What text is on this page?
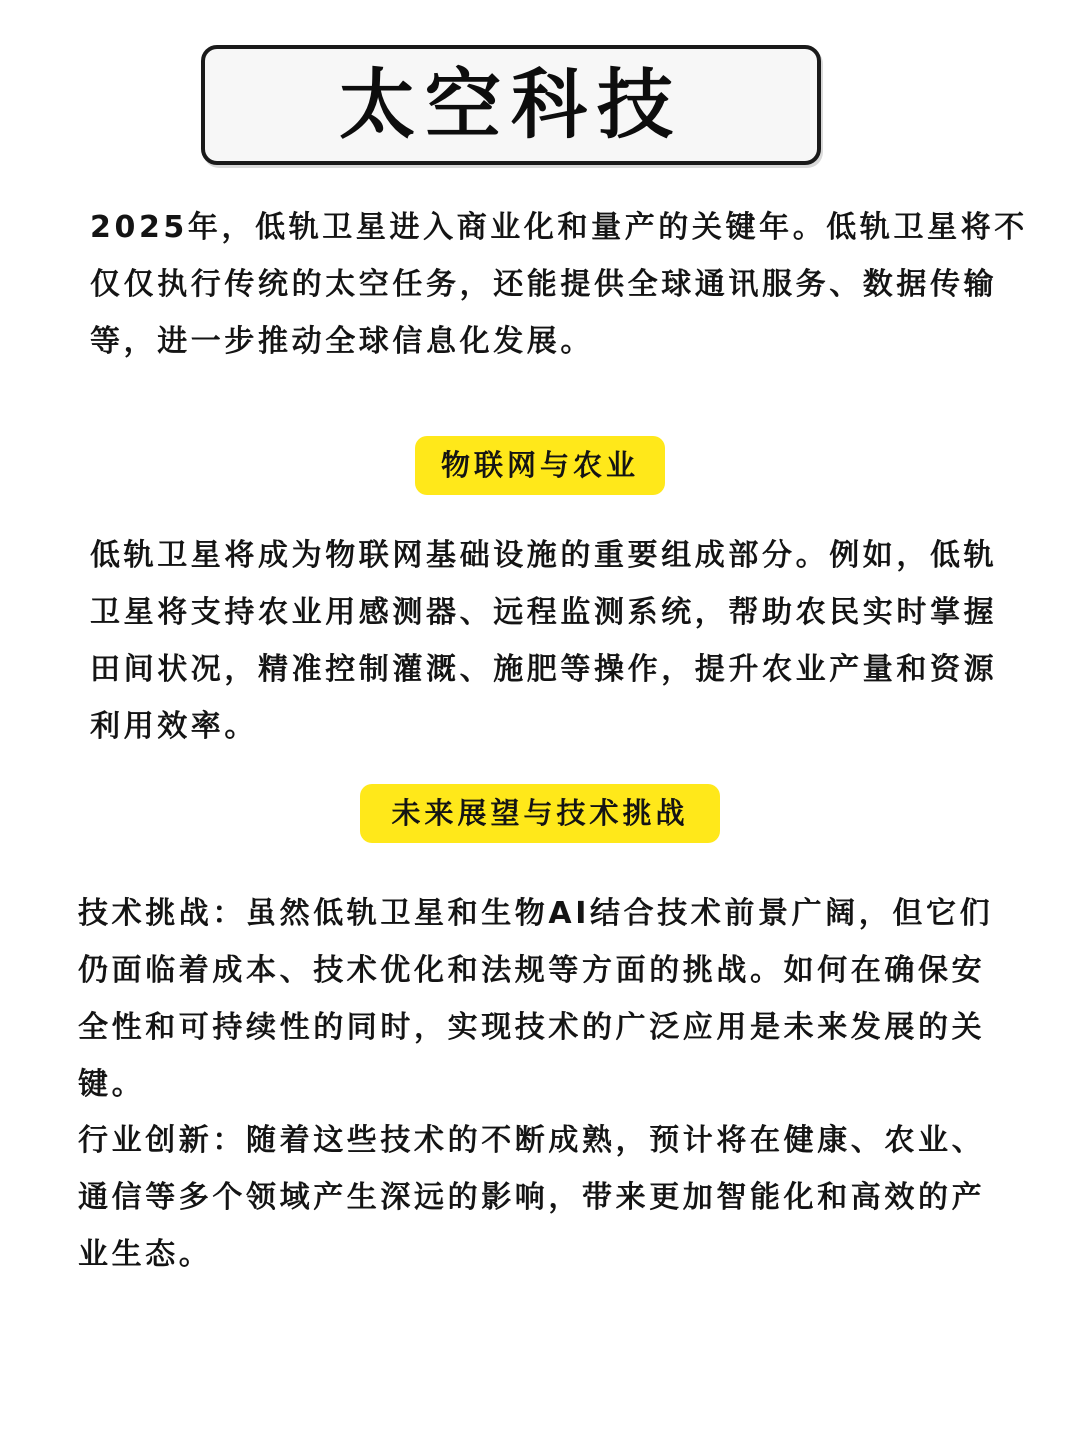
太空科技

2025年，低轨卫星进入商业化和量产的关键年。低轨卫星将不仅仅执行传统的太空任务，还能提供全球通讯服务、数据传输等，进一步推动全球信息化发展。

物联网与农业

低轨卫星将成为物联网基础设施的重要组成部分。例如，低轨卫星将支持农业用感测器、远程监测系统，帮助农民实时掌握田间状况，精准控制灌溉、施肥等操作，提升农业产量和资源利用效率。

未来展望与技术挑战

技术挑战：虽然低轨卫星和生物AI结合技术前景广阔，但它们仍面临着成本、技术优化和法规等方面的挑战。如何在确保安全性和可持续性的同时，实现技术的广泛应用是未来发展的关键。

行业创新：随着这些技术的不断成熟，预计将在健康、农业、通信等多个领域产生深远的影响，带来更加智能化和高效的产业生态。
